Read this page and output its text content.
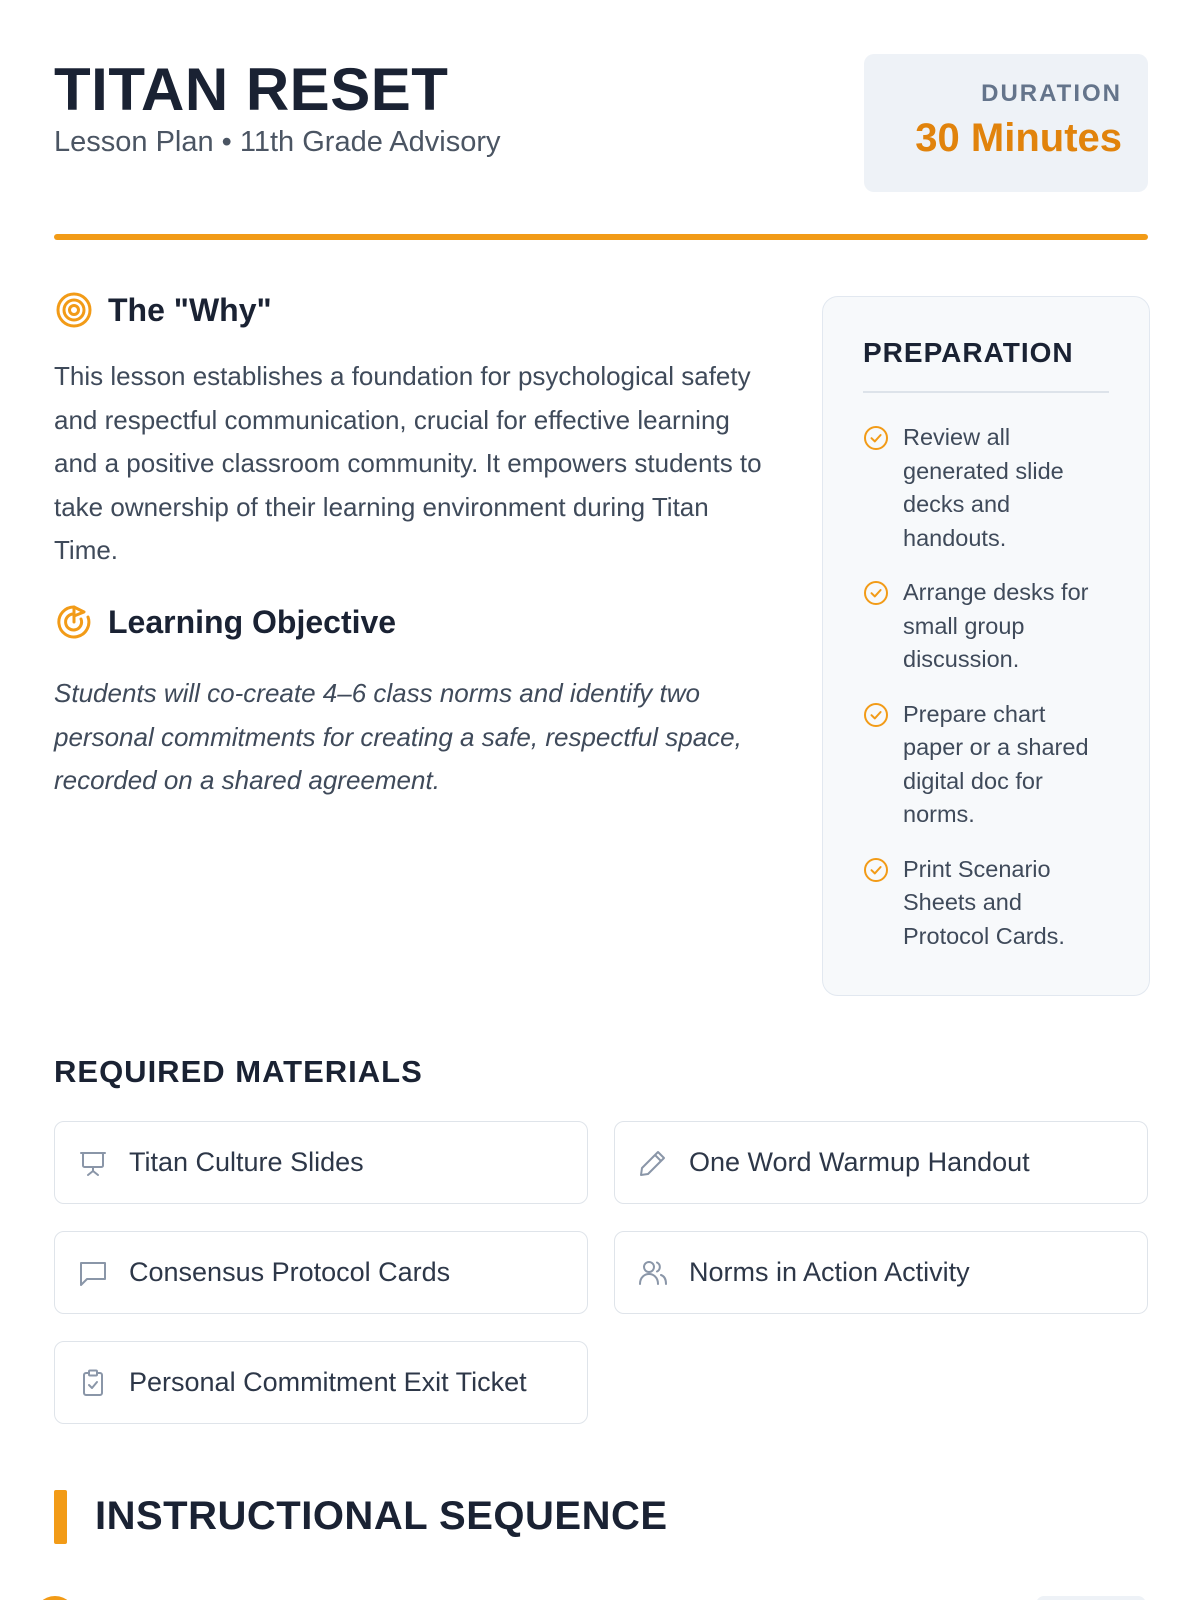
TITAN RESET
Lesson Plan • 11th Grade Advisory
DURATION
30 Minutes
The "Why"

This lesson establishes a foundation for psychological safety and respectful communication, crucial for effective learning and a positive classroom community. It empowers students to take ownership of their learning environment during Titan Time.

Learning Objective

Students will co-create 4–6 class norms and identify two personal commitments for creating a safe, respectful space, recorded on a shared agreement.

PREPARATION
Review all generated slide decks and handouts.
Arrange desks for small group discussion.
Prepare chart paper or a shared digital doc for norms.
Print Scenario Sheets and Protocol Cards.
REQUIRED MATERIALS
Titan Culture Slides	One Word Warmup Handout
Consensus Protocol Cards	Norms in Action Activity
Personal Commitment Exit Ticket
INSTRUCTIONAL SEQUENCE
